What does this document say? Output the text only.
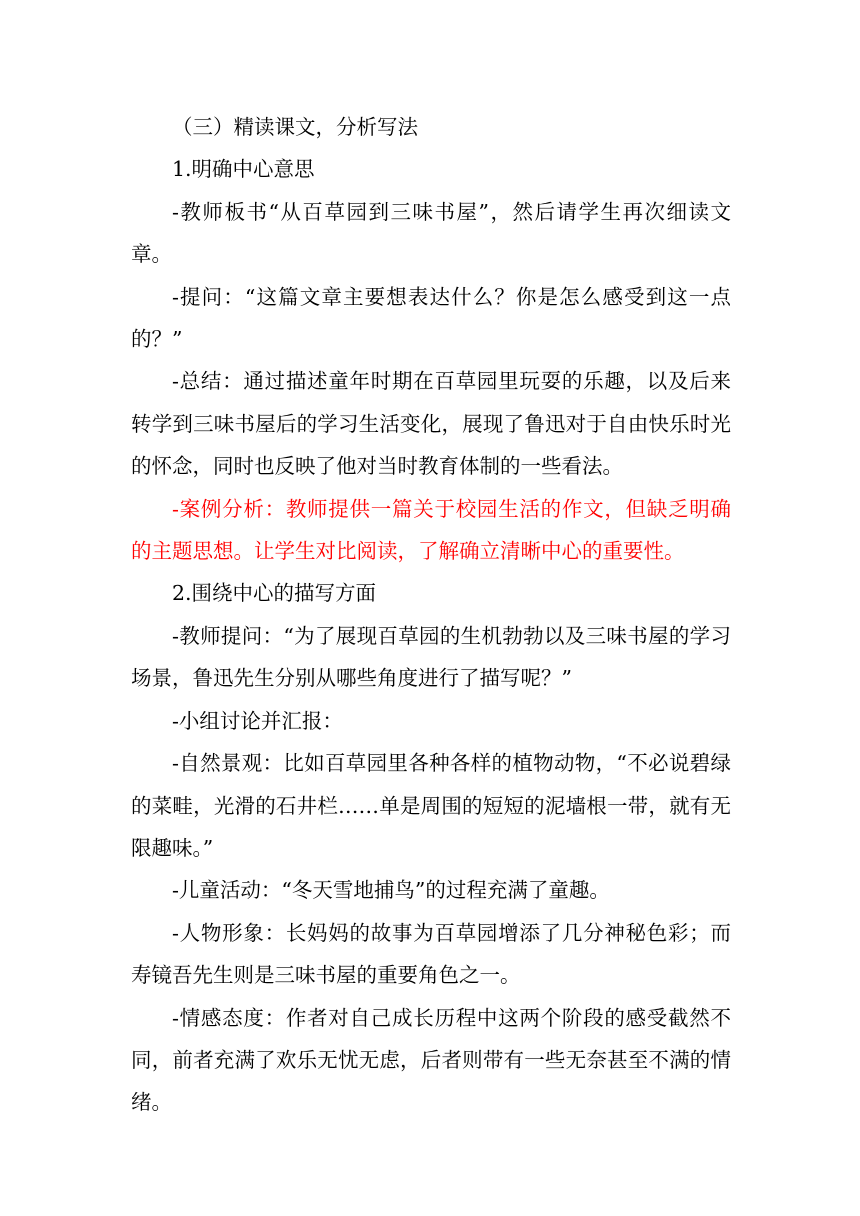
（三）精读课文，分析写法

1.明确中心意思

-教师板书“从百草园到三味书屋”，然后请学生再次细读文章。

-提问：“这篇文章主要想表达什么？你是怎么感受到这一点的？”

-总结：通过描述童年时期在百草园里玩耍的乐趣，以及后来转学到三味书屋后的学习生活变化，展现了鲁迅对于自由快乐时光的怀念，同时也反映了他对当时教育体制的一些看法。

-案例分析：教师提供一篇关于校园生活的作文，但缺乏明确的主题思想。让学生对比阅读，了解确立清晰中心的重要性。

2.围绕中心的描写方面

-教师提问：“为了展现百草园的生机勃勃以及三味书屋的学习场景，鲁迅先生分别从哪些角度进行了描写呢？”

-小组讨论并汇报：

-自然景观：比如百草园里各种各样的植物动物，“不必说碧绿的菜畦，光滑的石井栏……单是周围的短短的泥墙根一带，就有无限趣味。”

-儿童活动：“冬天雪地捕鸟”的过程充满了童趣。

-人物形象：长妈妈的故事为百草园增添了几分神秘色彩；而寿镜吾先生则是三味书屋的重要角色之一。

-情感态度：作者对自己成长历程中这两个阶段的感受截然不同，前者充满了欢乐无忧无虑，后者则带有一些无奈甚至不满的情绪。
